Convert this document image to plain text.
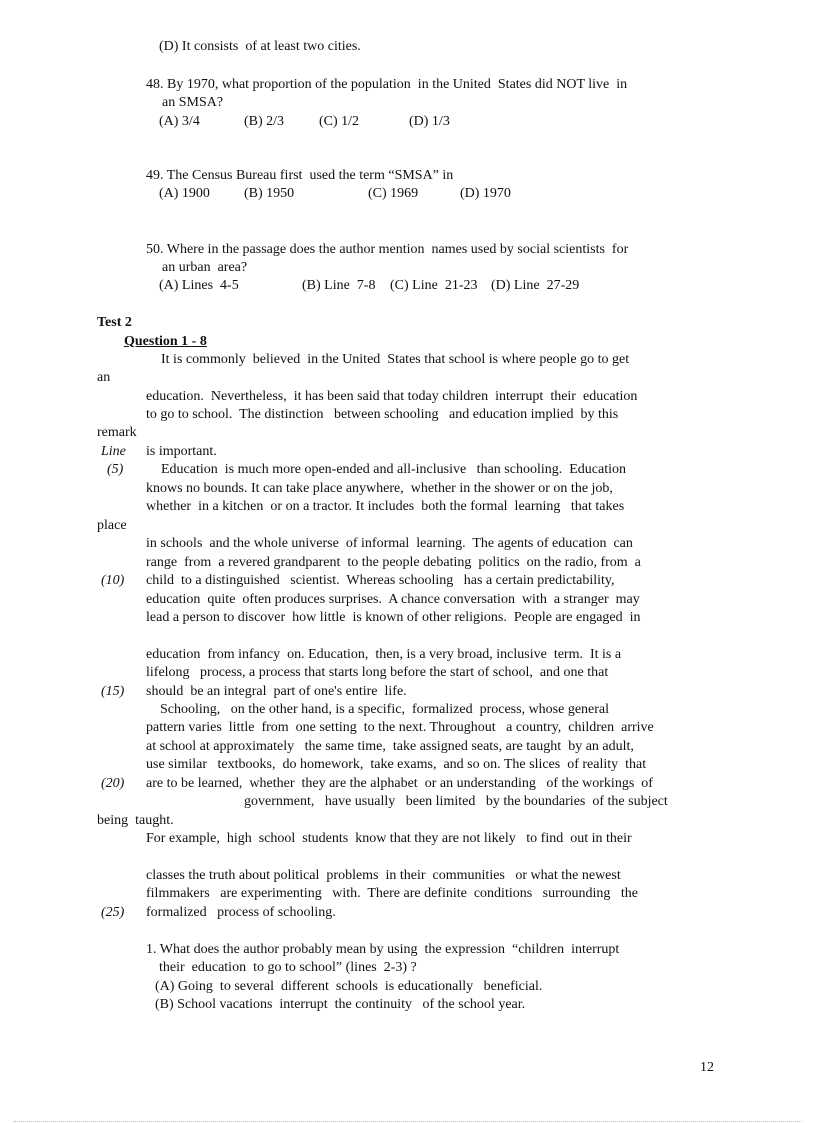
(D) It consists  of at least two cities.
48. By 1970, what proportion of the population  in the United  States did NOT live  in
an SMSA?
(A) 3/4	(B) 2/3 (C) 1/2	(D) 1/3
49. The Census Bureau first  used the term “SMSA” in
(A) 1900 (B) 1950	(C) 1969	(D) 1970
50. Where in the passage does the author mention  names used by social scientists  for
an urban  area?
(A) Lines  4-5	(B) Line  7-8 (C) Line  21-23 (D) Line  27-29
Test 2
Question 1 - 8
It is commonly  believed  in the United  States that school is where people go to get
an
education.  Nevertheless,  it has been said that today children  interrupt  their  education
to go to school.  The distinction   between schooling   and education implied  by this
remark
Line is important.
(5)	Education  is much more open-ended and all-inclusive   than schooling.  Education
knows no bounds. It can take place anywhere,  whether in the shower or on the job,
whether  in a kitchen  or on a tractor. It includes  both the formal  learning   that takes
place
in schools  and the whole universe  of informal  learning.  The agents of education  can
range  from  a revered grandparent  to the people debating  politics  on the radio, from  a
(10) child  to a distinguished   scientist.  Whereas schooling   has a certain predictability,
education  quite  often produces surprises.  A chance conversation  with  a stranger  may
lead a person to discover  how little  is known of other religions.  People are engaged  in
education  from infancy  on. Education,  then, is a very broad, inclusive  term.  It is a
lifelong   process, a process that starts long before the start of school,  and one that
(15) should  be an integral  part of one's entire  life.
Schooling,   on the other hand, is a specific,  formalized  process, whose general
pattern varies  little  from  one setting  to the next. Throughout   a country,  children  arrive
at school at approximately   the same time,  take assigned seats, are taught  by an adult,
use similar   textbooks,  do homework,  take exams,  and so on. The slices  of reality  that
(20) are to be learned,  whether  they are the alphabet  or an understanding   of the workings  of
government,   have usually   been limited   by the boundaries  of the subject
being  taught.
For example,  high  school  students  know that they are not likely   to find  out in their
classes the truth about political  problems  in their  communities   or what the newest
filmmakers   are experimenting   with.  There are definite  conditions   surrounding   the
(25) formalized   process of schooling.
1. What does the author probably mean by using  the expression  “children  interrupt
their  education  to go to school” (lines  2-3) ?
(A) Going  to several  different  schools  is educationally   beneficial.
(B) School vacations  interrupt  the continuity   of the school year.
12
